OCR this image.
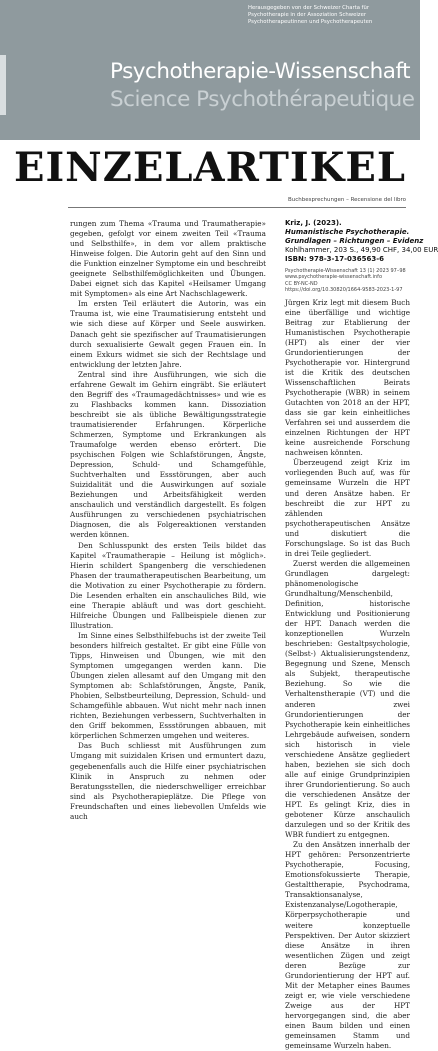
Herausgegeben von der Schweizer Charta für
Psychotherapie in der Assoziation Schweizer
Psychotherapeutinnen und Psychotherapeuten
Psychotherapie-Wissenschaft
Science Psychothérapeutique
EINZELARTIKEL
Buchbesprechungen – Recensione del libro

rungen zum Thema «Trauma und Traumatherapie» gegeben, gefolgt vor einem zweiten Teil «Trauma und Selbsthilfe», in dem vor allem praktische Hinweise folgen. Die Autorin geht auf den Sinn und die Funktion einzelner Symptome ein und beschreibt geeignete Selbsthilfemöglichkeiten und Übungen. Dabei eignet sich das Kapitel «Heilsamer Umgang mit Symptomen» als eine Art Nachschlagewerk.

Im ersten Teil erläutert die Autorin, was ein Trauma ist, wie eine Traumatisierung entsteht und wie sich diese auf Körper und Seele auswirken. Danach geht sie spezifischer auf Traumatisierungen durch sexualisierte Gewalt gegen Frauen ein. In einem Exkurs widmet sie sich der Rechtslage und entwicklung der letzten Jahre.

Zentral sind ihre Ausführungen, wie sich die erfahrene Gewalt im Gehirn eingräbt. Sie erläutert den Begriff des «Traumagedächtnisses» und wie es zu Flashbacks kommen kann. Dissoziation beschreibt sie als übliche Bewältigungsstrategie traumatisierender Erfahrungen. Körperliche Schmerzen, Symptome und Erkrankungen als Traumafolge werden ebenso erörtert. Die psychischen Folgen wie Schlafstörungen, Ängste, Depression, Schuld- und Schamgefühle, Suchtverhalten und Essstörungen, aber auch Suizidalität und die Auswirkungen auf soziale Beziehungen und Arbeitsfähigkeit werden anschaulich und verständlich dargestellt. Es folgen Ausführungen zu verschiedenen psychiatrischen Diagnosen, die als Folgereaktionen verstanden werden können.

Den Schlusspunkt des ersten Teils bildet das Kapitel «Traumatherapie – Heilung ist möglich». Hierin schildert Spangenberg die verschiedenen Phasen der traumatherapeutischen Bearbeitung, um die Motivation zu einer Psychotherapie zu fördern. Die Lesenden erhalten ein anschauliches Bild, wie eine Therapie abläuft und was dort geschieht. Hilfreiche Übungen und Fallbeispiele dienen zur Illustration.

Im Sinne eines Selbsthilfebuchs ist der zweite Teil besonders hilfreich gestaltet. Er gibt eine Fülle von Tipps, Hinweisen und Übungen, wie mit den Symptomen umgegangen werden kann. Die Übungen zielen allesamt auf den Umgang mit den Symptomen ab: Schlafstörungen, Ängste, Panik, Phobien, Selbstbeurteilung, Depression, Schuld- und Schamgefühle abbauen. Wut nicht mehr nach innen richten, Beziehungen verbessern, Suchtverhalten in den Griff bekommen, Essstörungen abbauen, mit körperlichen Schmerzen umgehen und weiteres.

Das Buch schliesst mit Ausführungen zum Umgang mit suizidalen Krisen und ermuntert dazu, gegebenenfalls auch die Hilfe einer psychiatrischen Klinik in Anspruch zu nehmen oder Beratungsstellen, die niederschwelliger erreichbar sind als Psychotherapieplätze. Die Pflege von Freundschaften und eines liebevollen Umfelds wie auch

Kriz, J. (2023).
Humanistische Psychotherapie.
Grundlagen – Richtungen – Evidenz
Kohlhammer, 203 S., 49,90 CHF, 34,00 EUR
ISBN: 978-3-17-036563-6
Psychotherapie-Wissenschaft 13 (1) 2023 97–98
www.psychotherapie-wissenschaft.info
CC BY-NC-ND
https://doi.org/10.30820/1664-9583-2023-1-97

Jürgen Kriz legt mit diesem Buch eine überfällige und wichtige Beitrag zur Etablierung der Humanistischen Psychotherapie (HPT) als einer der vier Grundorientierungen der Psychotherapie vor. Hintergrund ist die Kritik des deutschen Wissenschaftlichen Beirats Psychotherapie (WBR) in seinem Gutachten von 2018 an der HPT, dass sie gar kein einheitliches Verfahren sei und ausserdem die einzelnen Richtungen der HPT keine ausreichende Forschung nachweisen könnten.

Überzeugend zeigt Kriz im vorliegenden Buch auf, was für gemeinsame Wurzeln die HPT und deren Ansätze haben. Er beschreibt die zur HPT zu zählenden psychotherapeutischen Ansätze und diskutiert die Forschungslage. So ist das Buch in drei Teile gegliedert.

Zuerst werden die allgemeinen Grundlagen dargelegt: phänomenologische Grundhaltung/Menschenbild, Definition, historische Entwicklung und Positionierung der HPT. Danach werden die konzeptionellen Wurzeln beschrieben: Gestaltpsychologie, (Selbst-) Aktualisierungstendenz, Begegnung und Szene, Mensch als Subjekt, therapeutische Beziehung. So wie die Verhaltenstherapie (VT) und die anderen zwei Grundorientierungen der Psychotherapie kein einheitliches Lehrgebäude aufweisen, sondern sich historisch in viele verschiedene Ansätze gegliedert haben, beziehen sie sich doch alle auf einige Grundprinzipien ihrer Grundorientierung. So auch die verschiedenen Ansätze der HPT. Es gelingt Kriz, dies in gebotener Kürze anschaulich darzulegen und so der Kritik des WBR fundiert zu entgegnen.

Zu den Ansätzen innerhalb der HPT gehören: Personzentrierte Psychotherapie, Focusing, Emotionsfokussierte Therapie, Gestalttherapie, Psychodrama, Transaktionsanalyse, Existenzanalyse/Logotherapie, Körperpsychotherapie und weitere konzeptuelle Perspektiven. Der Autor skizziert diese Ansätze in ihren wesentlichen Zügen und zeigt deren Bezüge zur Grundorientierung der HPT auf. Mit der Metapher eines Baumes zeigt er, wie viele verschiedene Zweige aus der HPT hervorgegangen sind, die aber einen Baum bilden und einen gemeinsamen Stamm und gemeinsame Wurzeln haben.
